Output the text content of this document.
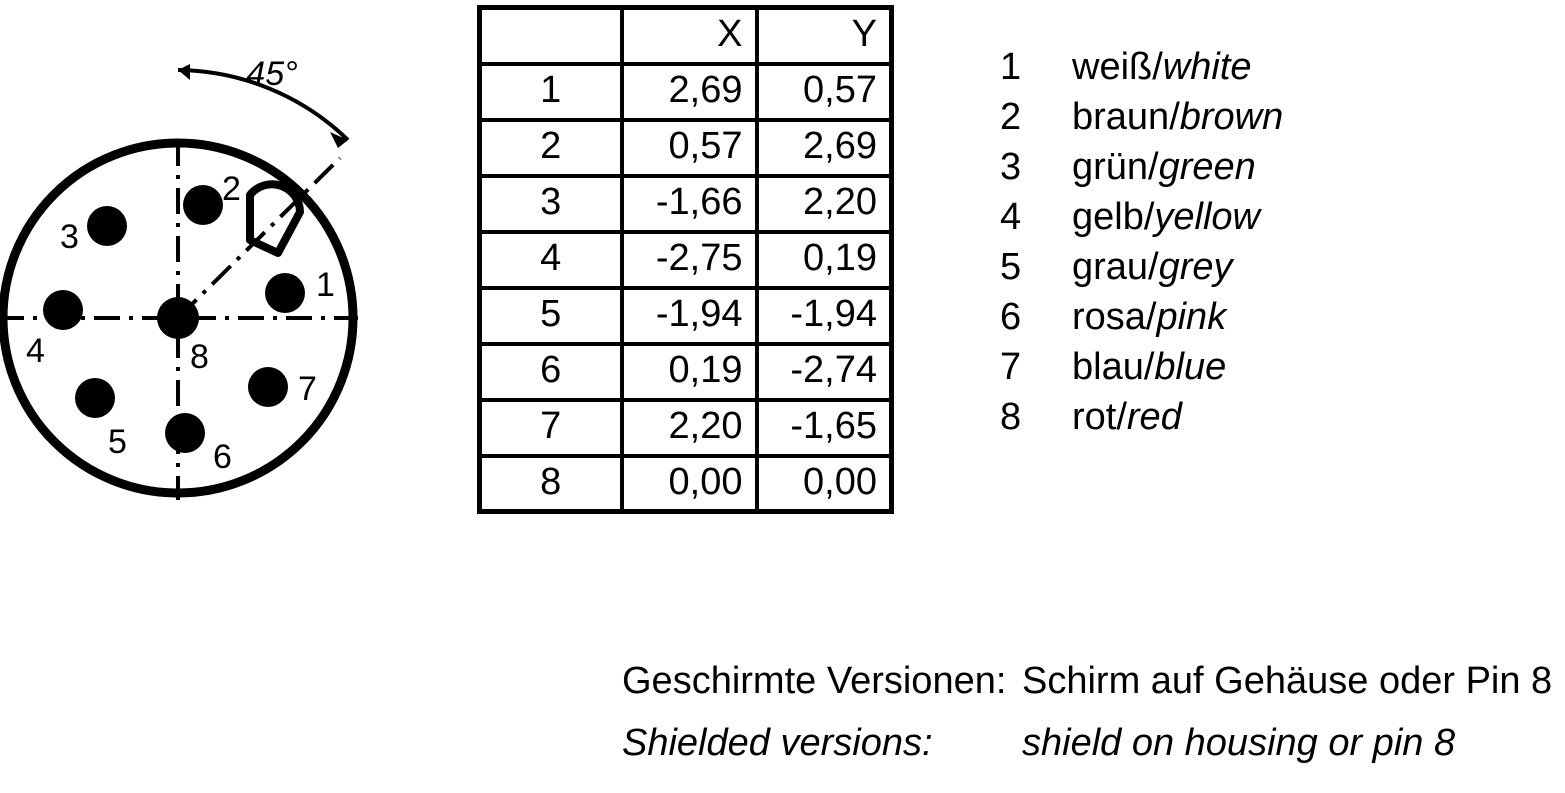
45°
1
2
3
4
5	6
7
8
	X	Y
1	2,69	0,57
2	0,57	2,69
3	-1,66	2,20
4	-2,75	0,19
5	-1,94	-1,94
6	0,19	-2,74
7	2,20	-1,65
8	0,00	0,00
1	weiß/white
2	braun/brown
3	grün/green
4	gelb/yellow
5	grau/grey
6	rosa/pink
7	blau/blue
8	rot/red
Geschirmte Versionen: Schirm auf Gehäuse oder Pin 8
Shielded versions:	shield on housing or pin 8
